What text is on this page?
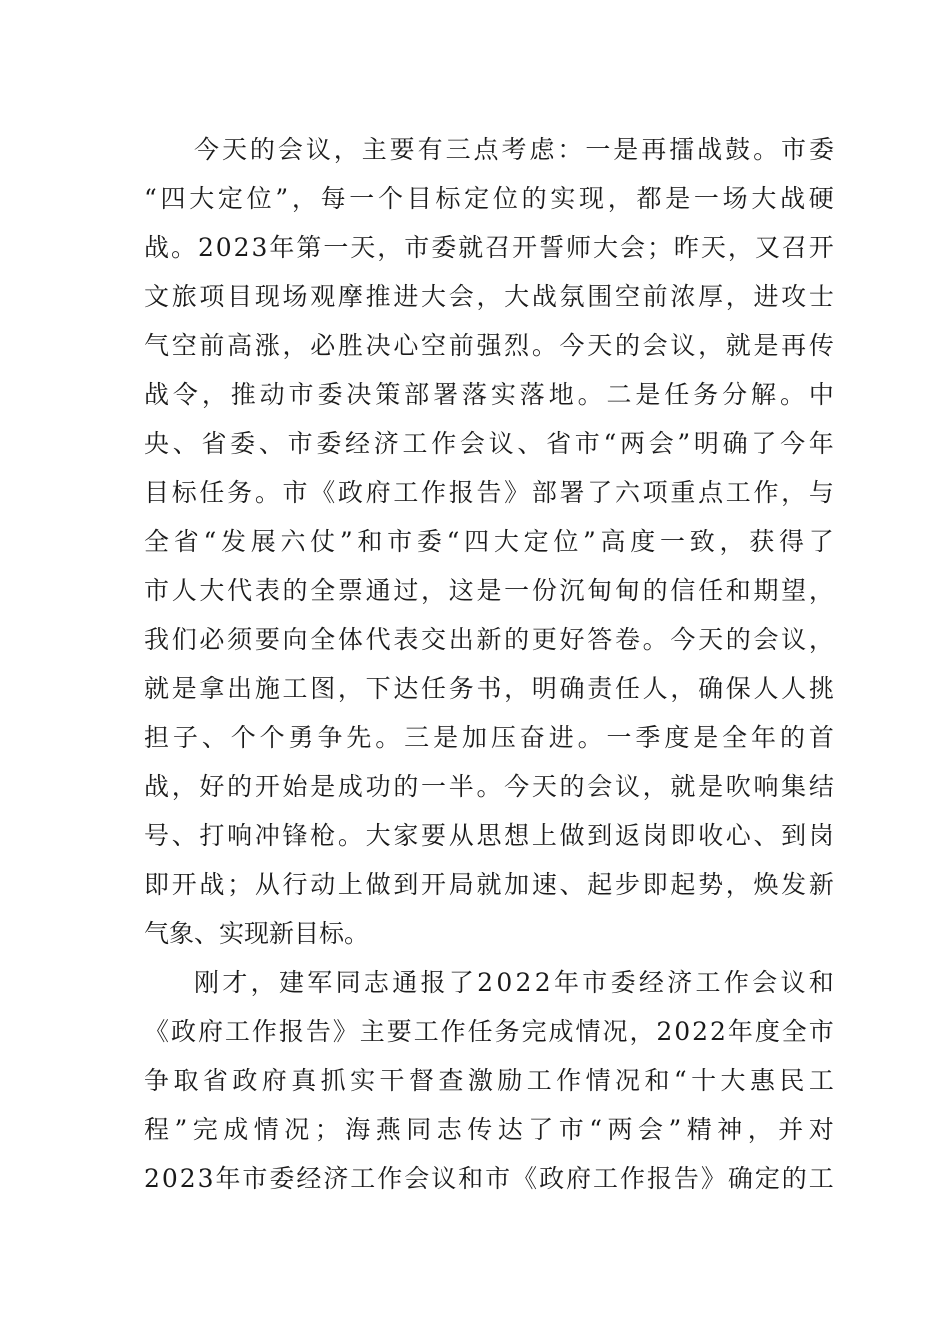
今 天 的 会 议 ， 主 要 有 三 点 考 虑 ： 一 是 再 擂 战 鼓 。 市 委
“ 四 大 定 位 ” ， 每 一 个 目 标 定 位 的 实 现 ， 都 是 一 场 大 战 硬
战 。 2 0 2 3 年 第 一 天 ， 市 委 就 召 开 誓 师 大 会 ； 昨 天 ， 又 召 开
文 旅 项 目 现 场 观 摩 推 进 大 会 ， 大 战 氛 围 空 前 浓 厚 ， 进 攻 士
气 空 前 高 涨 ， 必 胜 决 心 空 前 强 烈 。 今 天 的 会 议 ， 就 是 再 传
战 令 ， 推 动 市 委 决 策 部 署 落 实 落 地 。 二 是 任 务 分 解 。 中
央 、 省 委 、 市 委 经 济 工 作 会 议 、 省 市 “ 两 会 ” 明 确 了 今 年
目 标 任 务 。 市 《 政 府 工 作 报 告 》 部 署 了 六 项 重 点 工 作 ， 与
全 省 “ 发 展 六 仗 ” 和 市 委 “ 四 大 定 位 ” 高 度 一 致 ， 获 得 了
市 人 大 代 表 的 全 票 通 过 ， 这 是 一 份 沉 甸 甸 的 信 任 和 期 望 ，
我 们 必 须 要 向 全 体 代 表 交 出 新 的 更 好 答 卷 。 今 天 的 会 议 ，
就 是 拿 出 施 工 图 ， 下 达 任 务 书 ， 明 确 责 任 人 ， 确 保 人 人 挑
担 子 、 个 个 勇 争 先 。 三 是 加 压 奋 进 。 一 季 度 是 全 年 的 首
战 ， 好 的 开 始 是 成 功 的 一 半 。 今 天 的 会 议 ， 就 是 吹 响 集 结
号 、 打 响 冲 锋 枪 。 大 家 要 从 思 想 上 做 到 返 岗 即 收 心 、 到 岗
即 开 战 ； 从 行 动 上 做 到 开 局 就 加 速 、 起 步 即 起 势 ， 焕 发 新
气象、实现新目标。
刚 才 ， 建 军 同 志 通 报 了 2 0 2 2 年 市 委 经 济 工 作 会 议 和
《 政 府 工 作 报 告 》 主 要 工 作 任 务 完 成 情 况 ， 2 0 2 2 年 度 全 市
争 取 省 政 府 真 抓 实 干 督 查 激 励 工 作 情 况 和 “ 十 大 惠 民 工
程 ” 完 成 情 况 ； 海 燕 同 志 传 达 了 市 “ 两 会 ” 精 神 ， 并 对
2 0 2 3 年 市 委 经 济 工 作 会 议 和 市 《 政 府 工 作 报 告 》 确 定 的 工
